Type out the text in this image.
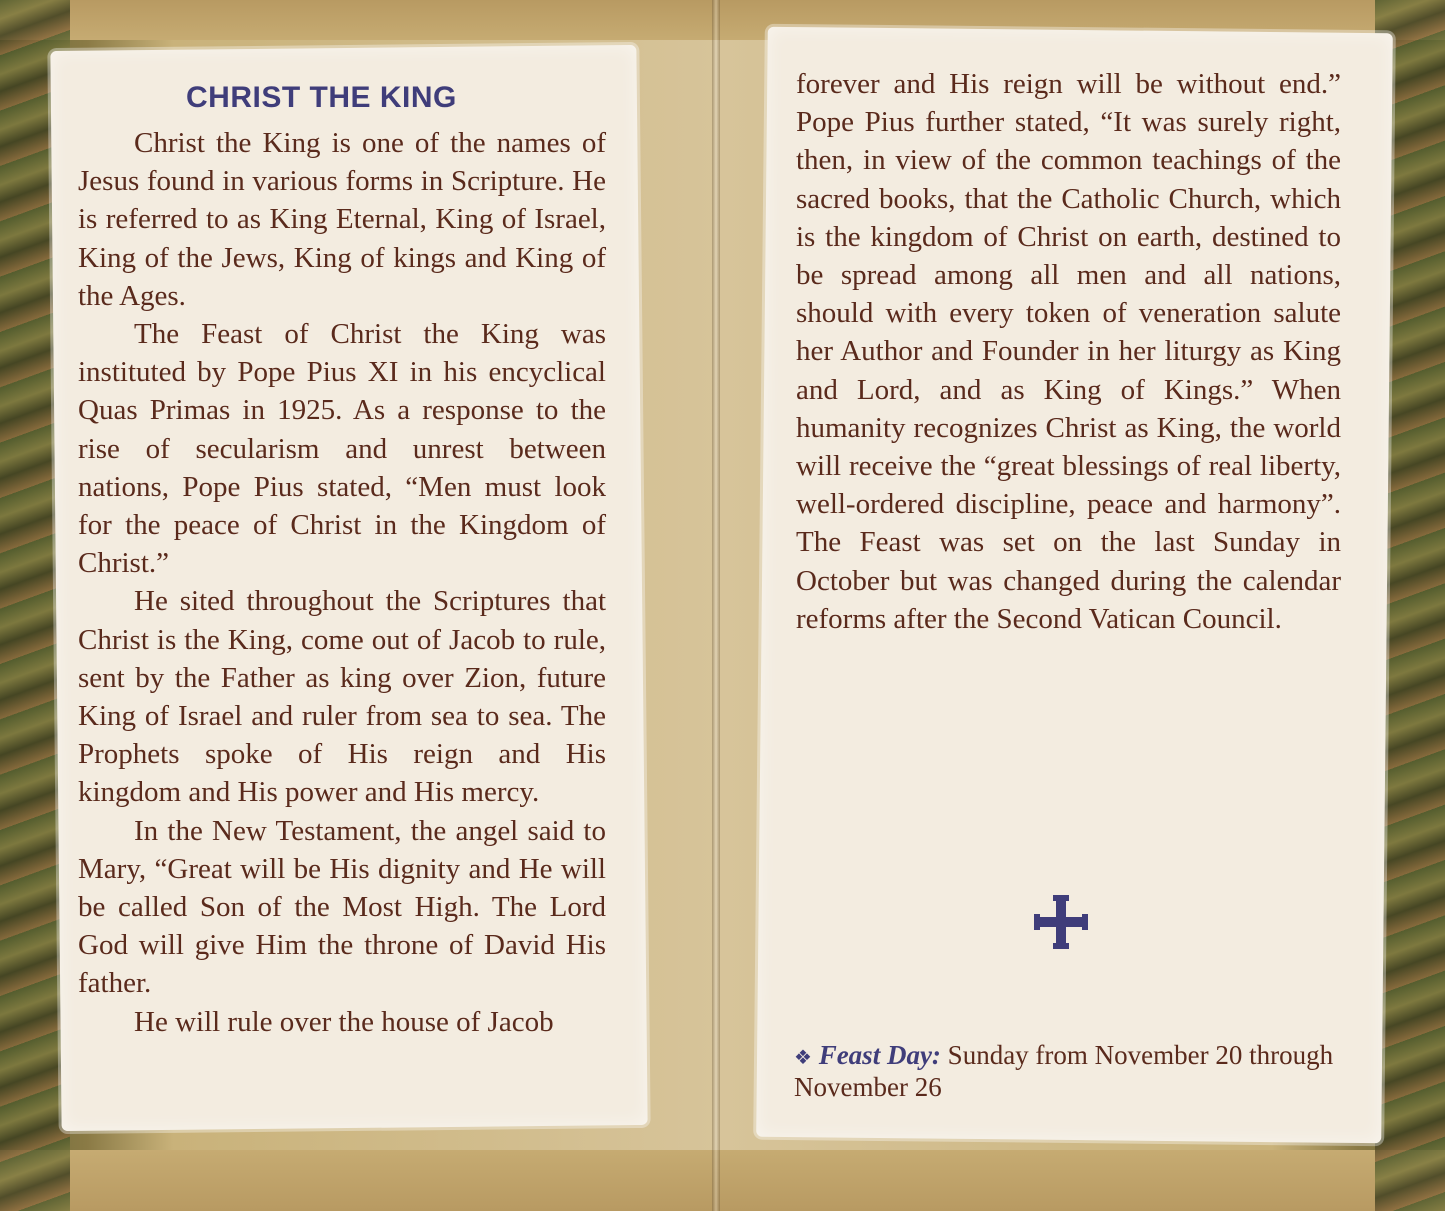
CHRIST THE KING

Christ the King is one of the names of Jesus found in various forms in Scripture. He is referred to as King Eternal, King of Israel, King of the Jews, King of kings and King of the Ages.

The Feast of Christ the King was instituted by Pope Pius XI in his encyclical Quas Primas in 1925. As a response to the rise of secularism and unrest between nations, Pope Pius stated, “Men must look for the peace of Christ in the Kingdom of Christ.”

He sited throughout the Scriptures that Christ is the King, come out of Jacob to rule, sent by the Father as king over Zion, future King of Israel and ruler from sea to sea. The Prophets spoke of His reign and His kingdom and His power and His mercy.

In the New Testament, the angel said to Mary, “Great will be His dignity and He will be called Son of the Most High. The Lord God will give Him the throne of David His father.

He will rule over the house of Jacob

forever and His reign will be without end.” Pope Pius further stated, “It was surely right, then, in view of the common teachings of the sacred books, that the Catholic Church, which is the kingdom of Christ on earth, destined to be spread among all men and all nations, should with every token of veneration salute her Author and Founder in her liturgy as King and Lord, and as King of Kings.” When humanity recognizes Christ as King, the world will receive the “great blessings of real liberty, well-ordered discipline, peace and harmony”. The Feast was set on the last Sunday in October but was changed during the calendar reforms after the Second Vatican Council.

❖ Feast Day: Sunday from November 20 through November 26
